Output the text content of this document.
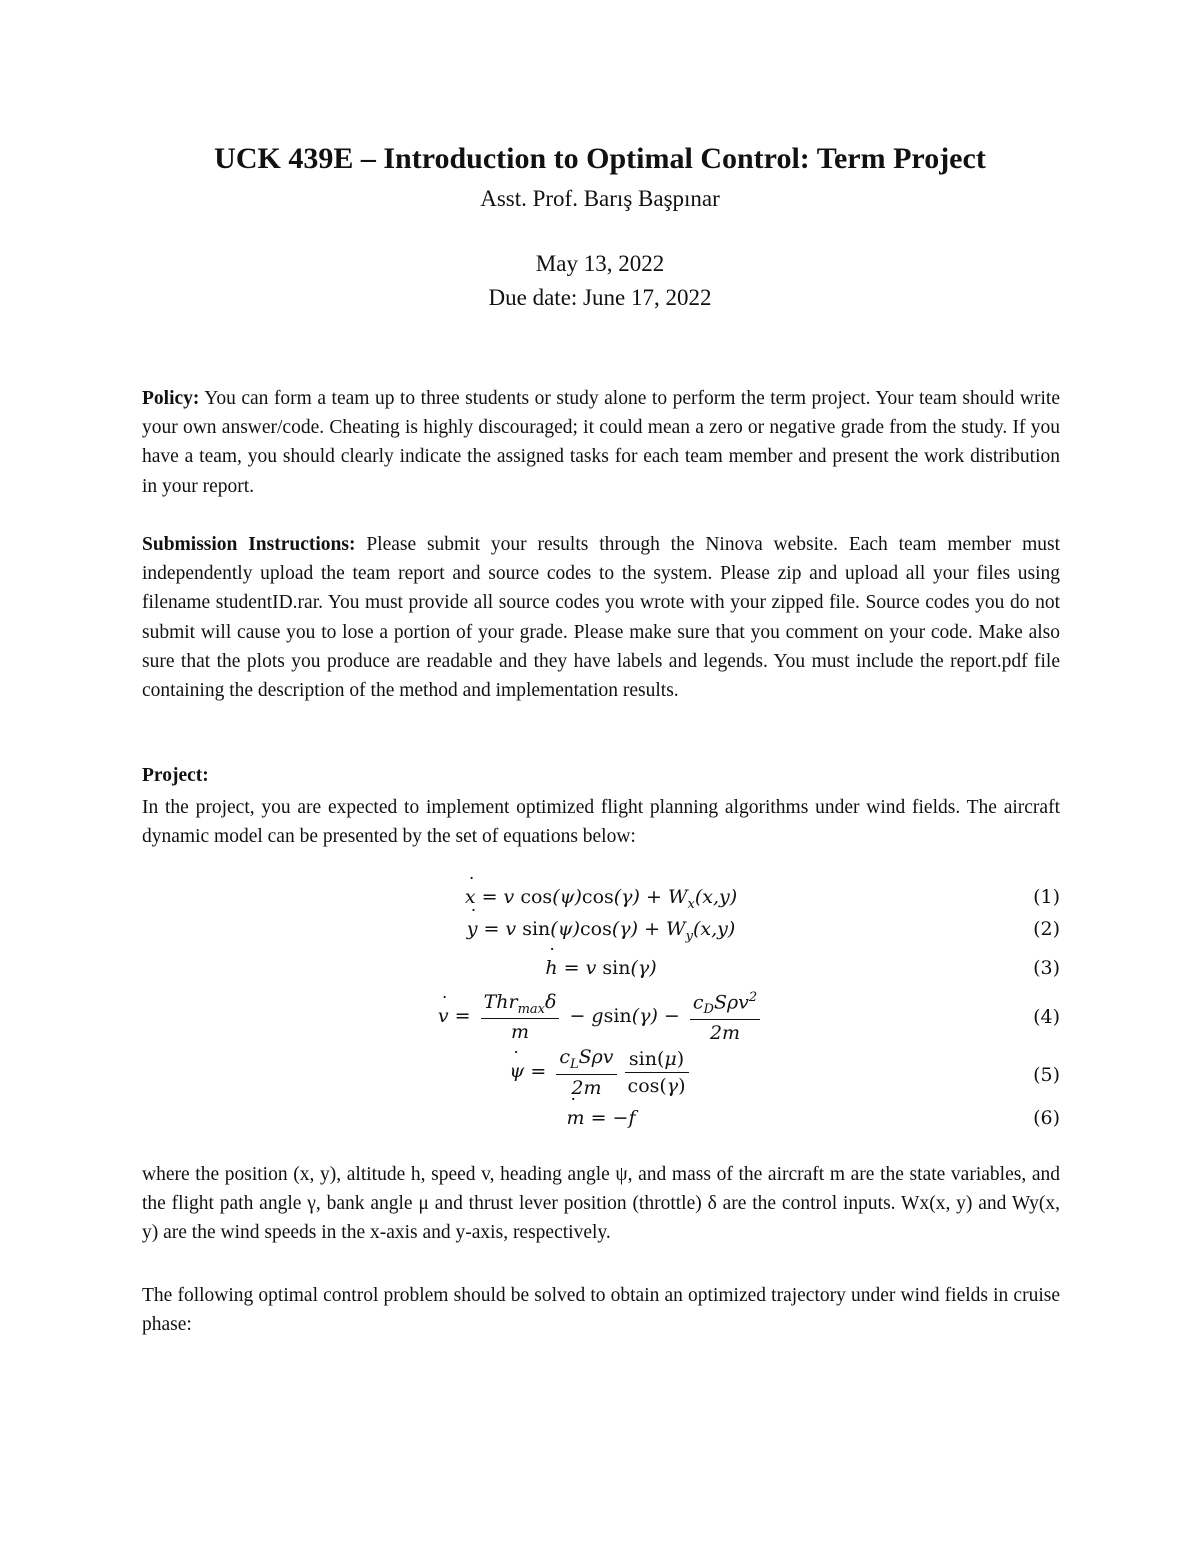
UCK 439E – Introduction to Optimal Control: Term Project
Asst. Prof. Barış Başpınar
May 13, 2022
Due date: June 17, 2022

Policy: You can form a team up to three students or study alone to perform the term project. Your team should write your own answer/code. Cheating is highly discouraged; it could mean a zero or negative grade from the study. If you have a team, you should clearly indicate the assigned tasks for each team member and present the work distribution in your report.

Submission Instructions: Please submit your results through the Ninova website. Each team member must independently upload the team report and source codes to the system. Please zip and upload all your files using filename studentID.rar. You must provide all source codes you wrote with your zipped file. Source codes you do not submit will cause you to lose a portion of your grade. Please make sure that you comment on your code. Make also sure that the plots you produce are readable and they have labels and legends. You must include the report.pdf file containing the description of the method and implementation results.

Project:

In the project, you are expected to implement optimized flight planning algorithms under wind fields. The aircraft dynamic model can be presented by the set of equations below:

˙ x = v $\cos(\psi)\cos(\gamma) + W_x(x,y)$	(1)
˙ y = v $\sin(\psi)\cos(\gamma) + W_y(x,y)$	(2)
˙ h = v sin(γ)	(3)
˙ $v = \frac{Thr_{max}\delta}{m} - gsin(\gamma) - \frac{c_DS\rho v^2}{2m}$	(4)
˙ $\psi = \frac{c_LS\rho v}{2m} \frac{\sin(\mu)}{\cos(\gamma)}$	(5)
˙ m = −f	(6)

where the position (x, y), altitude h, speed v, heading angle ψ, and mass of the aircraft m are the state variables, and the flight path angle γ, bank angle μ and thrust lever position (throttle) δ are the control inputs. Wx(x, y) and Wy(x, y) are the wind speeds in the x-axis and y-axis, respectively.

The following optimal control problem should be solved to obtain an optimized trajectory under wind fields in cruise phase:
